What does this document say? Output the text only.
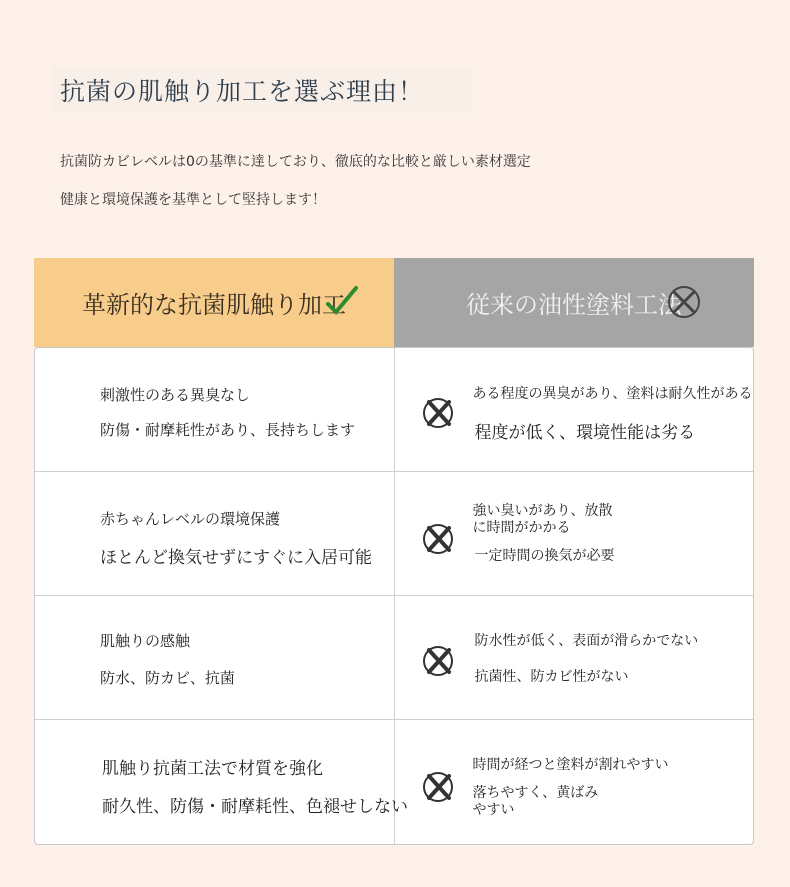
抗菌の肌触り加工を選ぶ理由！
抗菌防カビレベルは0の基準に達しており、徹底的な比較と厳しい素材選定
健康と環境保護を基準として堅持します！
革新的な抗菌肌触り加工	従来の油性塗料工法
刺激性のある異臭なし
防傷・耐摩耗性があり、長持ちします
ある程度の異臭があり、塗料は耐久性がある
程度が低く、環境性能は劣る
赤ちゃんレベルの環境保護
ほとんど換気せずにすぐに入居可能
強い臭いがあり、放散
に時間がかかる
一定時間の換気が必要
肌触りの感触
防水、防カビ、抗菌
防水性が低く、表面が滑らかでない
抗菌性、防カビ性がない
肌触り抗菌工法で材質を強化
耐久性、防傷・耐摩耗性、色褪せしない
時間が経つと塗料が割れやすい
落ちやすく、黄ばみ
やすい
